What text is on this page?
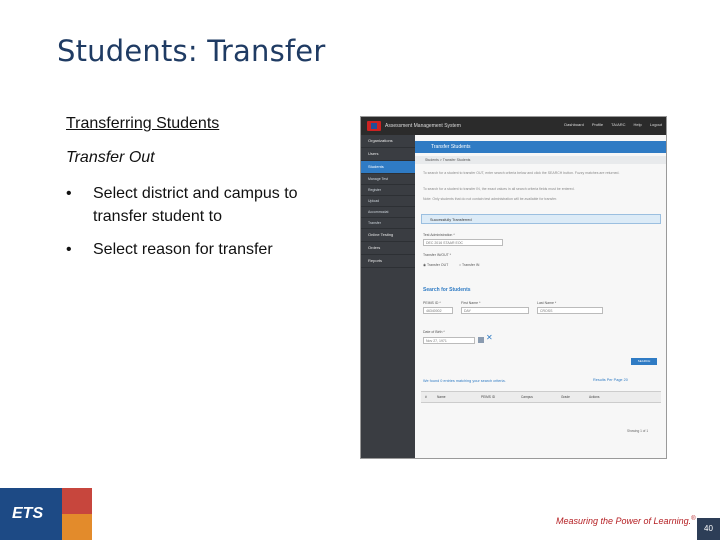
Students: Transfer
Transferring Students
Transfer Out
• Select district and campus to transfer student to
• Select reason for transfer
Assessment Management System	Dashboard Profile TA/ARC Help Logout
Organizations
Users
Students
Manage Test
Register
Upload
Accommodat
Transfer
Online Testing
Orders
Reports
Transfer Students
Students > Transfer Students
To search for a student to transfer OUT, enter search criteria below and click the SEARCH button. Fuzzy matches are returned.
To search for a student to transfer IN, the exact values in all search criteria fields must be entered.
Note: Only students that do not contain test administration will be available for transfer.
Successfully Transferred
Test Administration *
DEC 2016 STAAR EOC
Transfer IN/OUT *
◉ Transfer OUT	○ Transfer IN
Search for Students
PEIMS ID *
46340002
First Name *
DAY
Last Name *
CROSS
Date of Birth *
Nov 27, 1971	✕
SEARCH
We found 0 entries matching your search criteria.	Results Per Page 20
#	Name	PEIMS ID	Campus	Grade	Actions
Showing 1 of 1
ETS	Measuring the Power of Learning.®
40
